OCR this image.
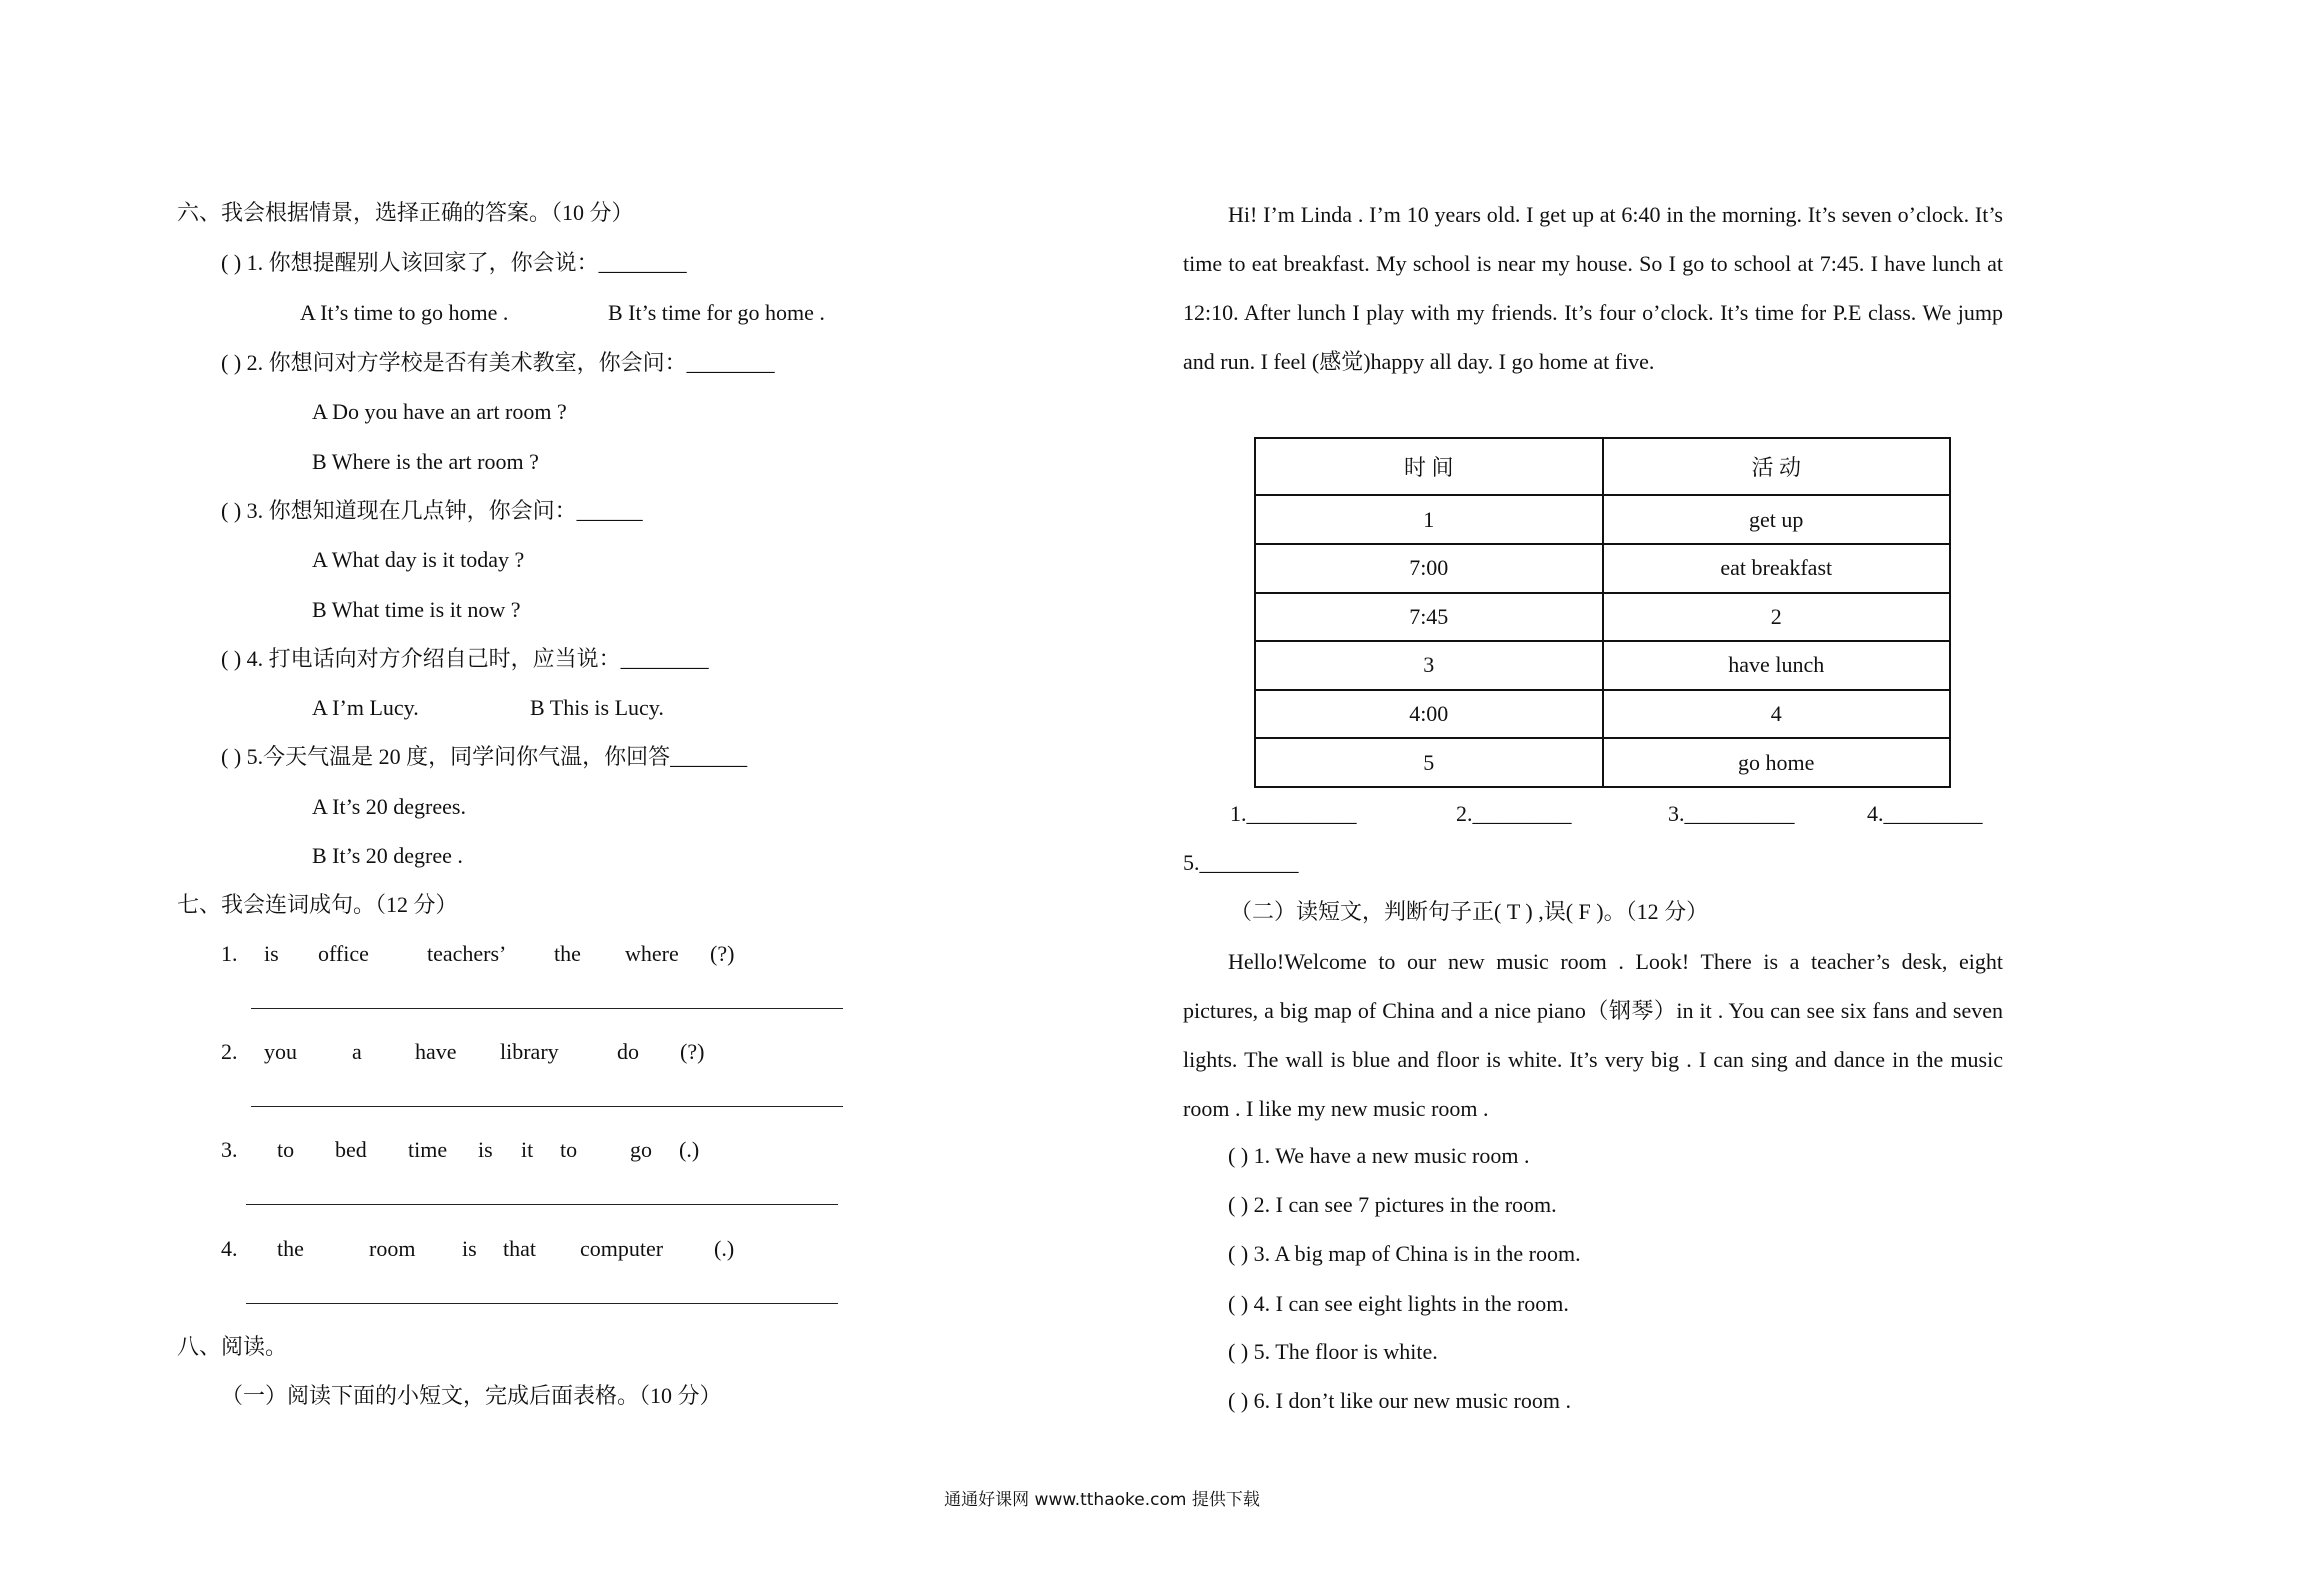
六、我会根据情景，选择正确的答案。（10 分）
( ) 1. 你想提醒别人该回家了，你会说：________
A It’s time to go home .	B It’s time for go home .
( ) 2. 你想问对方学校是否有美术教室，你会问：________
A Do you have an art room ?
B Where is the art room ?
( ) 3. 你想知道现在几点钟，你会问：______
A What day is it today ?
B What time is it now ?
( ) 4. 打电话向对方介绍自己时，应当说：________
A I’m Lucy.	B This is Lucy.
( ) 5.今天气温是 20 度，同学问你气温，你回答_______
A It’s 20 degrees.
B It’s 20 degree .
七、我会连词成句。（12 分）
1. is office	teachers’ the where (?)
2. you	a have library	do (?)
3. to bed time is it to go (.)
4. the	room is that computer (.)
八、阅读。
（一）阅读下面的小短文，完成后面表格。（10 分）
Hi! I’m Linda . I’m 10 years old. I get up at 6:40 in the morning. It’s seven o’clock. It’s time to eat breakfast. My school is near my house. So I go to school at 7:45. I have lunch at 12:10. After lunch I play with my friends. It’s four o’clock. It’s time for P.E class. We jump and run. I feel (感觉)happy all day. I go home at five.
时 间	活 动
1	get up
7:00	eat breakfast
7:45	2
3	have lunch
4:00	4
5	go home
1.__________	2._________	3.__________	4._________
5._________
（二）读短文，判断句子正( T ) ,误( F )。（12 分）
Hello!Welcome to our new music room . Look! There is a teacher’s desk, eight pictures, a big map of China and a nice piano（钢琴）in it . You can see six fans and seven lights. The wall is blue and floor is white. It’s very big . I can sing and dance in the music room . I like my new music room .
( ) 1. We have a new music room .
( ) 2. I can see 7 pictures in the room.
( ) 3. A big map of China is in the room.
( ) 4. I can see eight lights in the room.
( ) 5. The floor is white.
( ) 6. I don’t like our new music room .
通通好课网 www.tthaoke.com 提供下载
